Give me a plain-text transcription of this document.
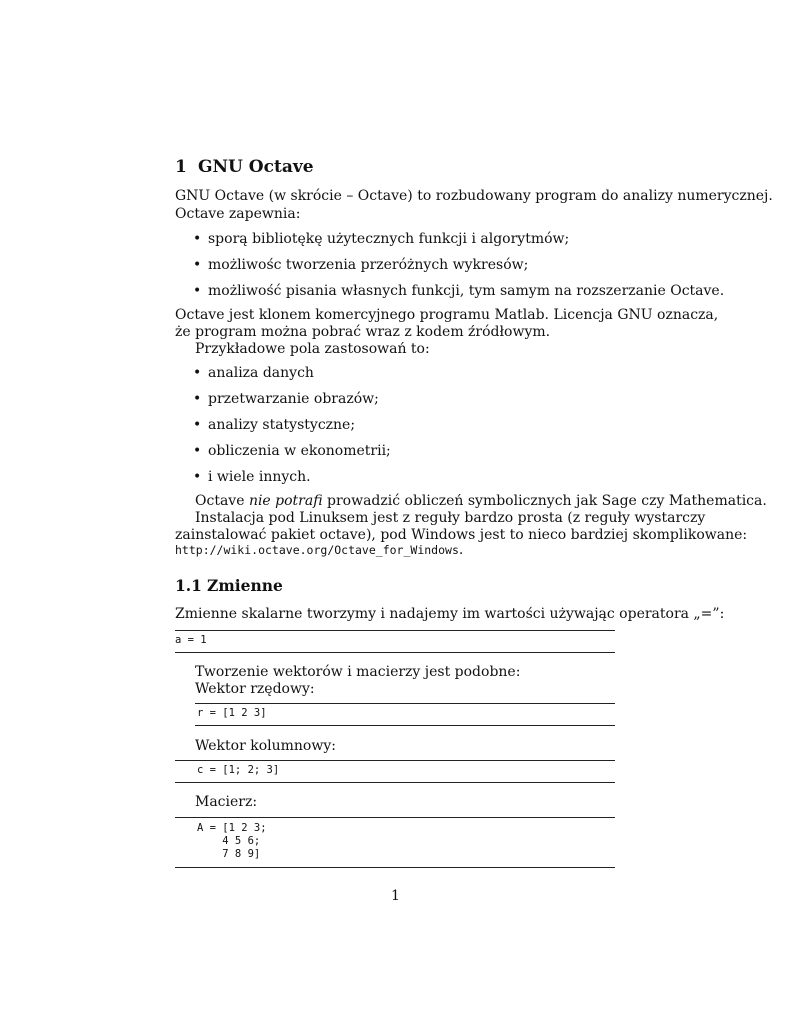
1 GNU Octave
GNU Octave (w skrócie – Octave) to rozbudowany program do analizy numerycznej.
Octave zapewnia:
• sporą bibliotękę użytecznych funkcji i algorytmów;
• możliwośc tworzenia przeróżnych wykresów;
• możliwość pisania własnych funkcji, tym samym na rozszerzanie Octave.
Octave jest klonem komercyjnego programu Matlab. Licencja GNU oznacza,
że program można pobrać wraz z kodem źródłowym.
Przykładowe pola zastosowań to:
• analiza danych
• przetwarzanie obrazów;
• analizy statystyczne;
• obliczenia w ekonometrii;
• i wiele innych.
Octave nie potrafi prowadzić obliczeń symbolicznych jak Sage czy Mathematica.
Instalacja pod Linuksem jest z reguły bardzo prosta (z reguły wystarczy
zainstalować pakiet octave), pod Windows jest to nieco bardziej skomplikowane:
http://wiki.octave.org/Octave_for_Windows.
1.1 Zmienne
Zmienne skalarne tworzymy i nadajemy im wartości używając operatora „=”:
a = 1
Tworzenie wektorów i macierzy jest podobne:
Wektor rzędowy:
r = [1 2 3]
Wektor kolumnowy:
c = [1; 2; 3]
Macierz:
A = [1 2 3;
4 5 6;
7 8 9]
1
